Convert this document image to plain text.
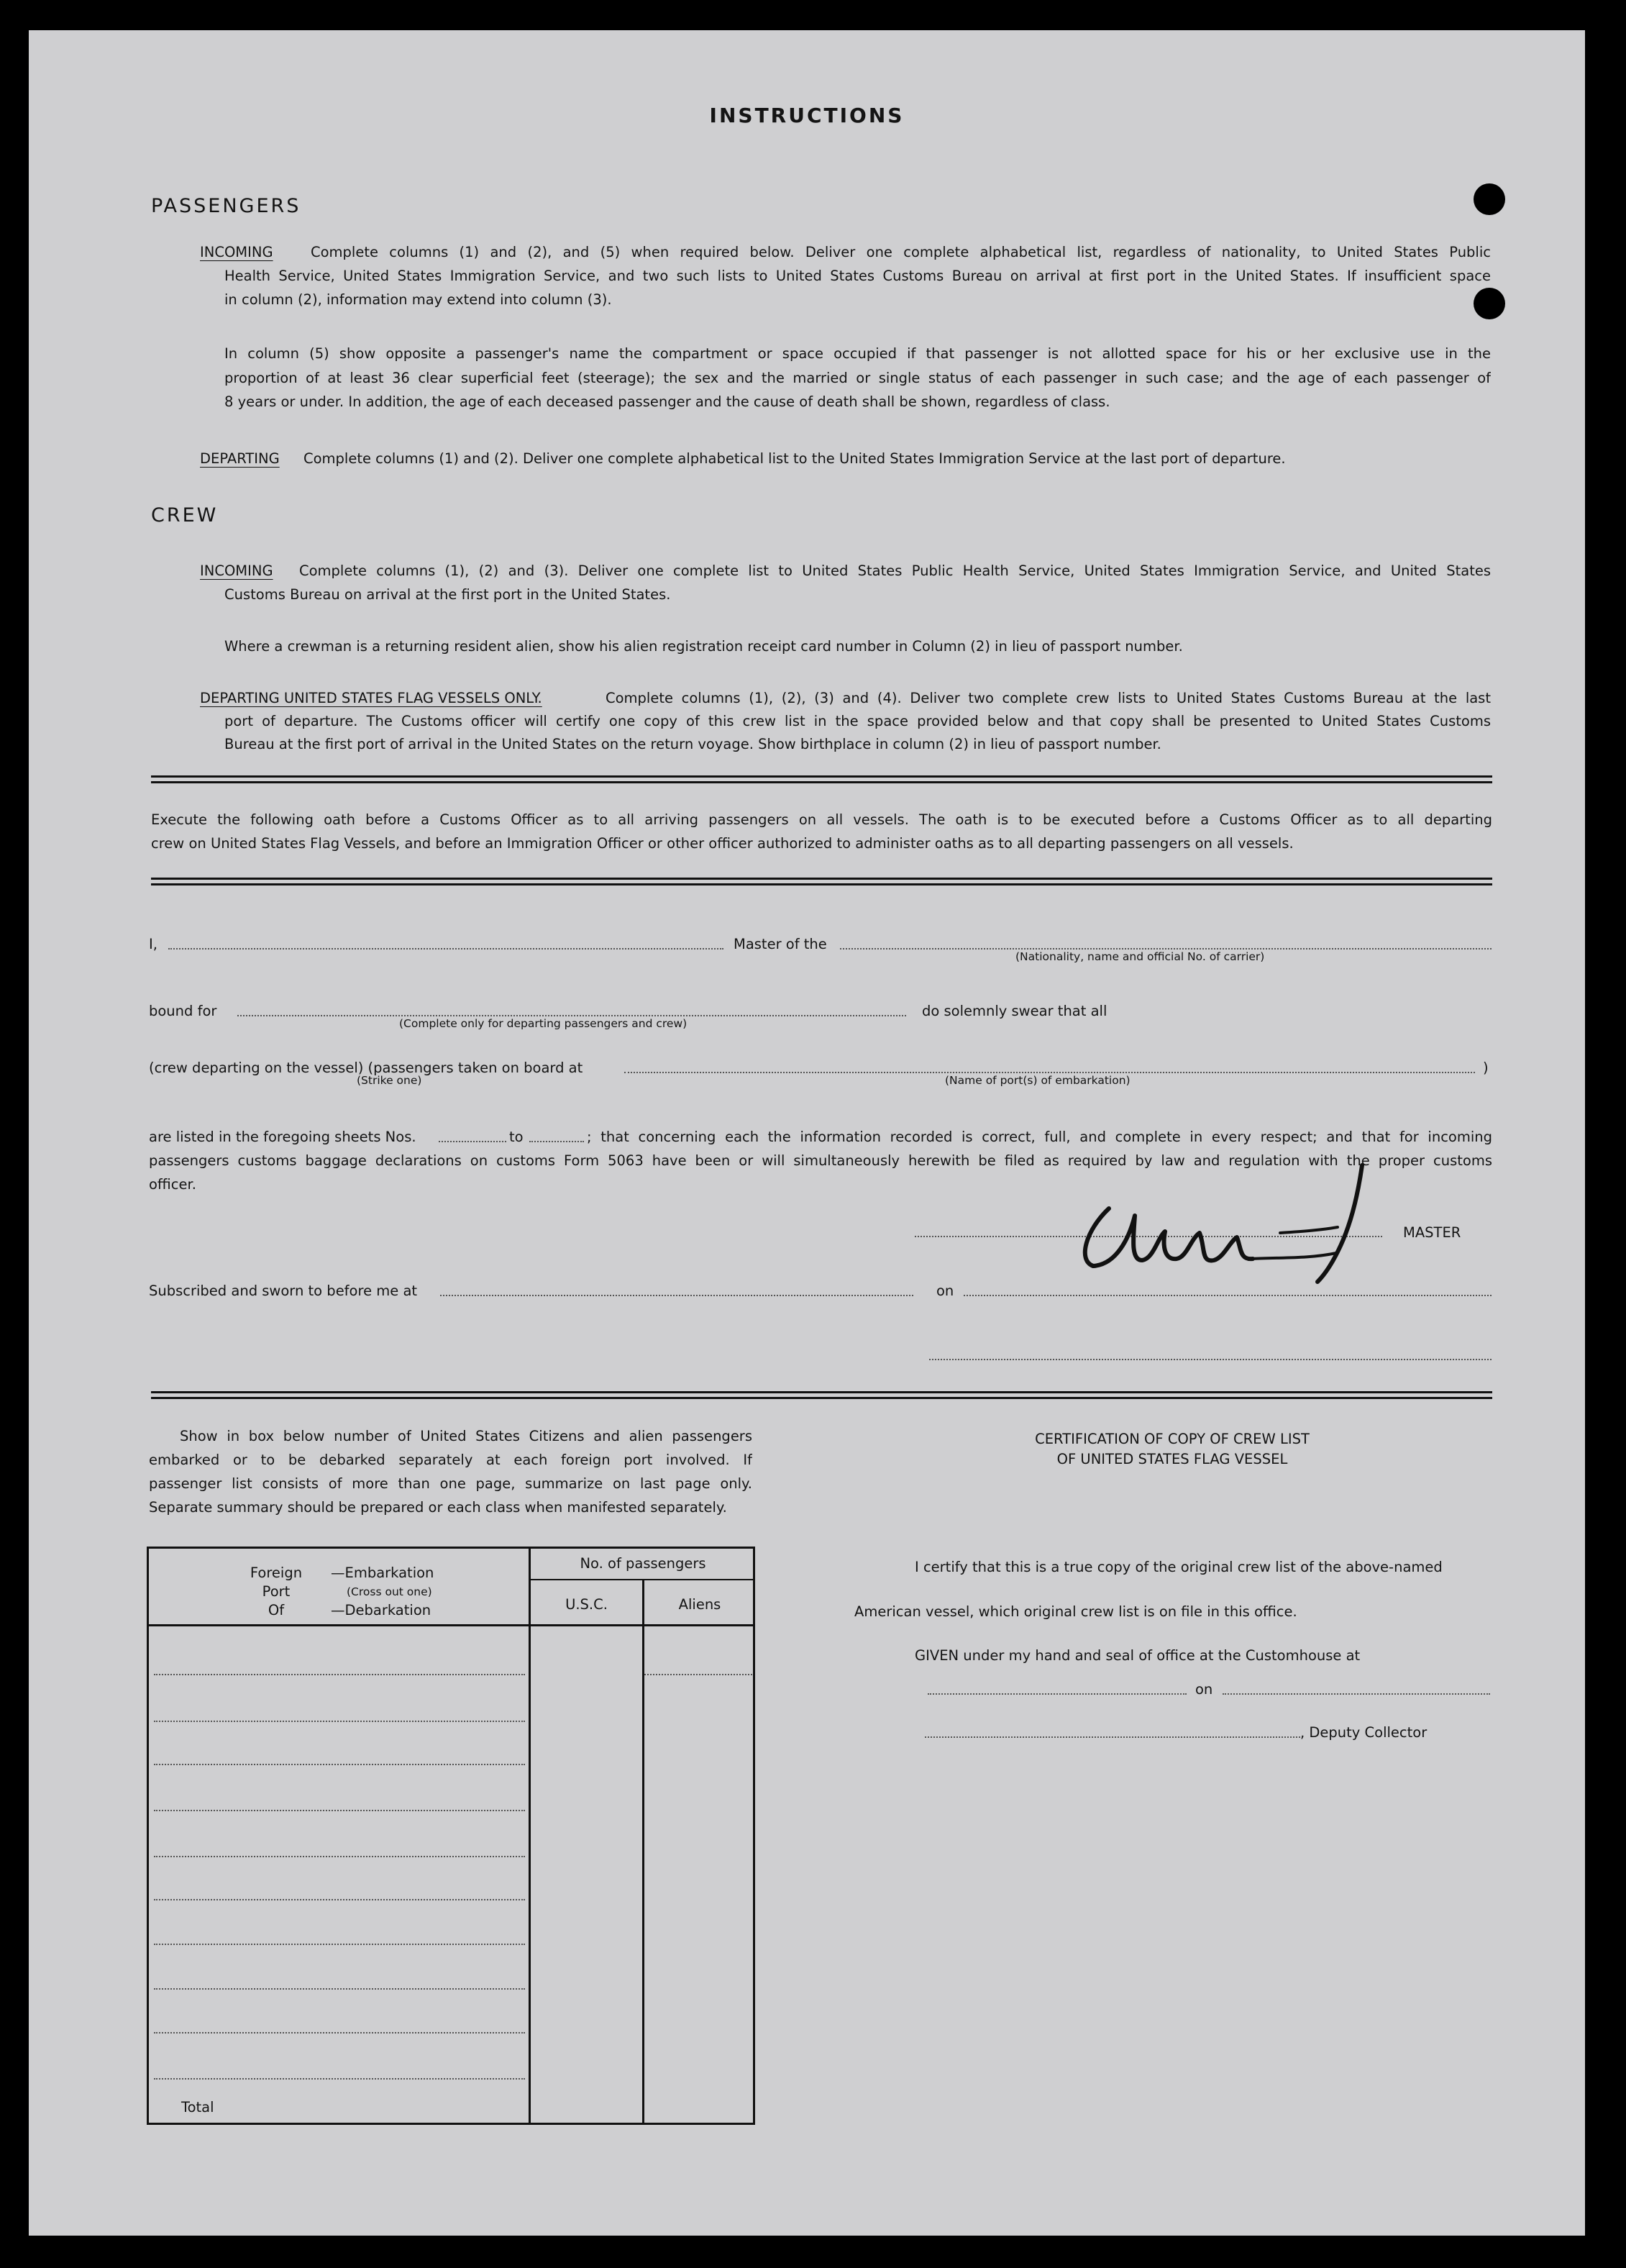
INSTRUCTIONS
PASSENGERS
INCOMING	Complete columns (1) and (2), and (5) when required below. Deliver one complete alphabetical list, regardless of nationality, to United States Public
Health Service, United States Immigration Service, and two such lists to United States Customs Bureau on arrival at first port in the United States. If insufficient space
in column (2), information may extend into column (3).
In column (5) show opposite a passenger's name the compartment or space occupied if that passenger is not allotted space for his or her exclusive use in the
proportion of at least 36 clear superficial feet (steerage); the sex and the married or single status of each passenger in such case; and the age of each passenger of
8 years or under. In addition, the age of each deceased passenger and the cause of death shall be shown, regardless of class.
DEPARTING Complete columns (1) and (2). Deliver one complete alphabetical list to the United States Immigration Service at the last port of departure.
CREW
INCOMING Complete columns (1), (2) and (3). Deliver one complete list to United States Public Health Service, United States Immigration Service, and United States
Customs Bureau on arrival at the first port in the United States.
Where a crewman is a returning resident alien, show his alien registration receipt card number in Column (2) in lieu of passport number.
DEPARTING UNITED STATES FLAG VESSELS ONLY.	Complete columns (1), (2), (3) and (4). Deliver two complete crew lists to United States Customs Bureau at the last
port of departure. The Customs officer will certify one copy of this crew list in the space provided below and that copy shall be presented to United States Customs
Bureau at the first port of arrival in the United States on the return voyage. Show birthplace in column (2) in lieu of passport number.
Execute the following oath before a Customs Officer as to all arriving passengers on all vessels. The oath is to be executed before a Customs Officer as to all departing
crew on United States Flag Vessels, and before an Immigration Officer or other officer authorized to administer oaths as to all departing passengers on all vessels.
I,	Master of the
(Nationality, name and official No. of carrier)
bound for
(Complete only for departing passengers and crew)
do solemnly swear that all
(crew departing on the vessel) (passengers taken on board at	)
(Strike one)	(Name of port(s) of embarkation)
are listed in the foregoing sheets Nos.	to	; that concerning each the information recorded is correct, full, and complete in every respect; and that for incoming
passengers customs baggage declarations on customs Form 5063 have been or will simultaneously herewith be filed as required by law and regulation with the proper customs
officer.
MASTER
Subscribed and sworn to before me at	on
Show in box below number of United States Citizens and alien passengers
embarked or to be debarked separately at each foreign port involved. If
passenger list consists of more than one page, summarize on last page only.
Separate summary should be prepared or each class when manifested separately.
Foreign
Port
Of
—Embarkation
(Cross out one)
—Debarkation
No. of passengers
U.S.C.	Aliens
Total
CERTIFICATION OF COPY OF CREW LIST
OF UNITED STATES FLAG VESSEL
I certify that this is a true copy of the original crew list of the above-named
American vessel, which original crew list is on file in this office.
GIVEN under my hand and seal of office at the Customhouse at
on
, Deputy Collector
